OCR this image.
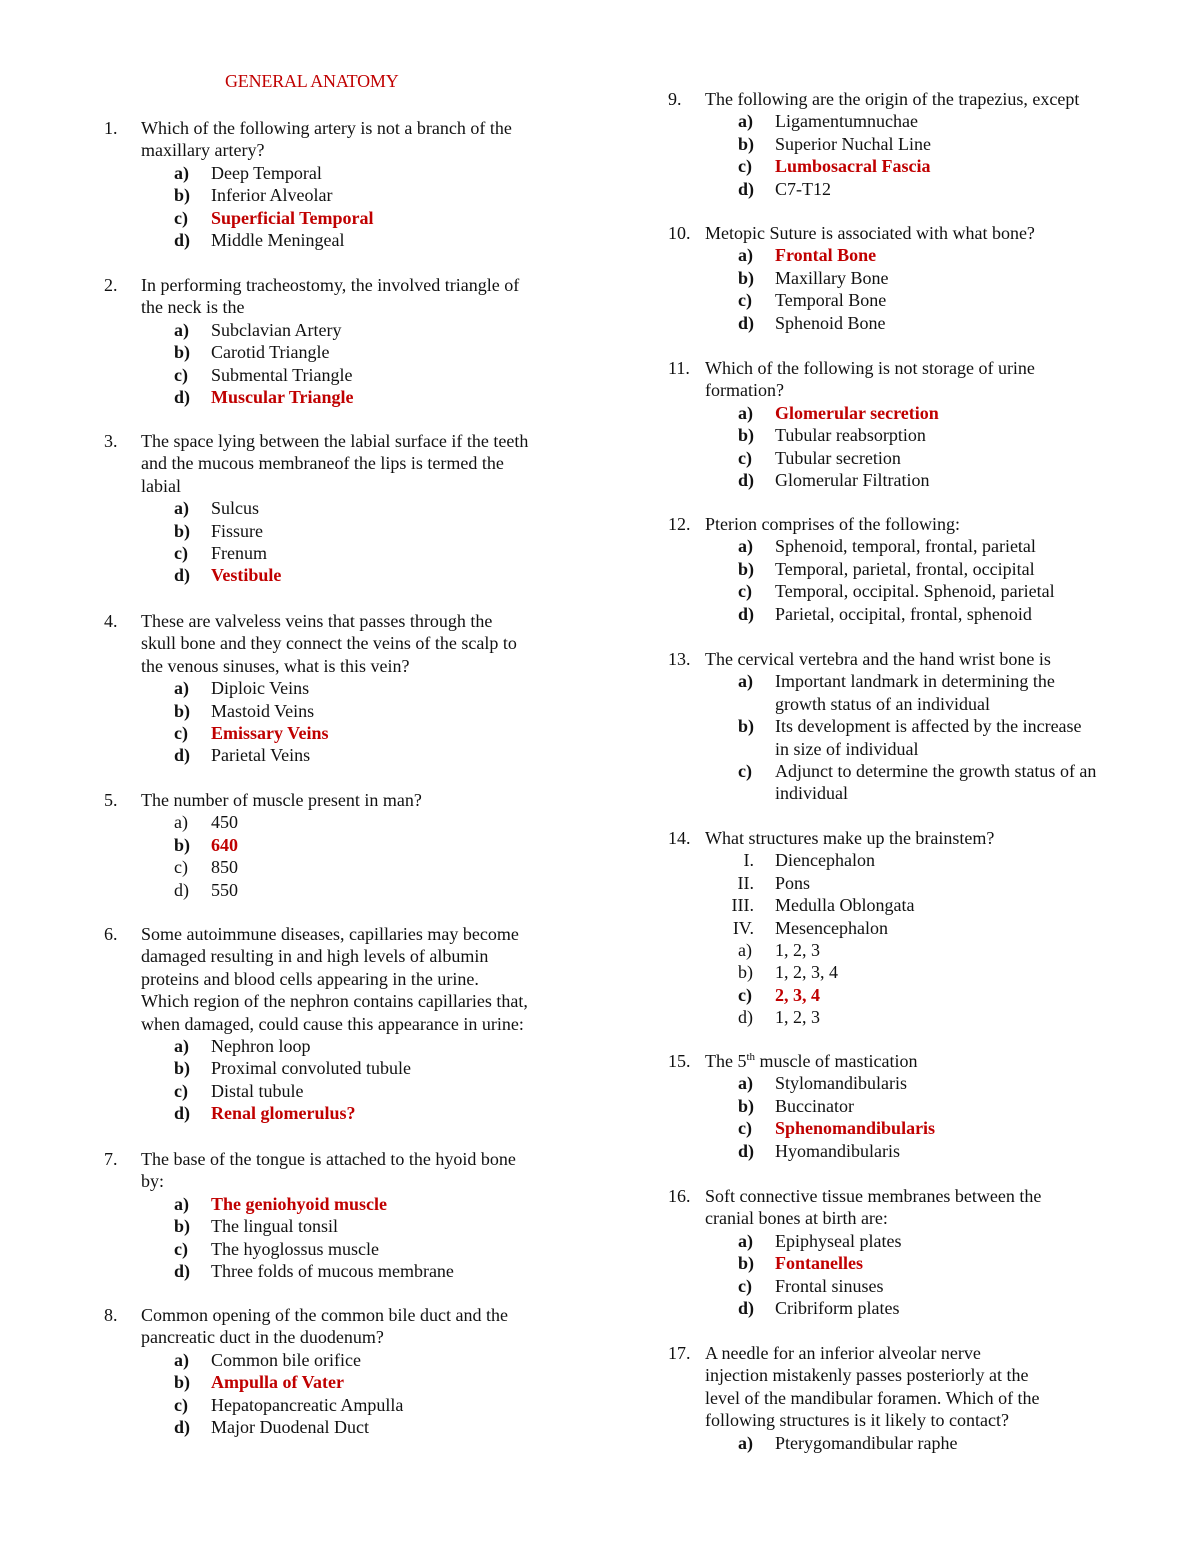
GENERAL ANATOMY
1. Which of the following artery is not a branch of the
maxillary artery?
a) Deep Temporal
b) Inferior Alveolar
c) Superficial Temporal
d) Middle Meningeal
2. In performing tracheostomy, the involved triangle of
the neck is the
a) Subclavian Artery
b) Carotid Triangle
c) Submental Triangle
d) Muscular Triangle
3. The space lying between the labial surface if the teeth
and the mucous membraneof the lips is termed the
labial
a) Sulcus
b) Fissure
c) Frenum
d) Vestibule
4. These are valveless veins that passes through the
skull bone and they connect the veins of the scalp to
the venous sinuses, what is this vein?
a) Diploic Veins
b) Mastoid Veins
c) Emissary Veins
d) Parietal Veins
5. The number of muscle present in man?
a) 450
b) 640
c) 850
d) 550
6. Some autoimmune diseases, capillaries may become
damaged resulting in and high levels of albumin
proteins and blood cells appearing in the urine.
Which region of the nephron contains capillaries that,
when damaged, could cause this appearance in urine:
a) Nephron loop
b) Proximal convoluted tubule
c) Distal tubule
d) Renal glomerulus?
7. The base of the tongue is attached to the hyoid bone
by:
a) The geniohyoid muscle
b) The lingual tonsil
c) The hyoglossus muscle
d) Three folds of mucous membrane
8. Common opening of the common bile duct and the
pancreatic duct in the duodenum?
a) Common bile orifice
b) Ampulla of Vater
c) Hepatopancreatic Ampulla
d) Major Duodenal Duct
9. The following are the origin of the trapezius, except
a) Ligamentumnuchae
b) Superior Nuchal Line
c) Lumbosacral Fascia
d) C7-T12
10. Metopic Suture is associated with what bone?
a) Frontal Bone
b) Maxillary Bone
c) Temporal Bone
d) Sphenoid Bone
11. Which of the following is not storage of urine
formation?
a) Glomerular secretion
b) Tubular reabsorption
c) Tubular secretion
d) Glomerular Filtration
12. Pterion comprises of the following:
a) Sphenoid, temporal, frontal, parietal
b) Temporal, parietal, frontal, occipital
c) Temporal, occipital. Sphenoid, parietal
d) Parietal, occipital, frontal, sphenoid
13. The cervical vertebra and the hand wrist bone is
a) Important landmark in determining the
growth status of an individual
b) Its development is affected by the increase
in size of individual
c) Adjunct to determine the growth status of an
individual
14. What structures make up the brainstem?
I. Diencephalon
II. Pons
III. Medulla Oblongata
IV. Mesencephalon
a) 1, 2, 3
b) 1, 2, 3, 4
c) 2, 3, 4
d) 1, 2, 3
15. The 5th muscle of mastication
a) Stylomandibularis
b) Buccinator
c) Sphenomandibularis
d) Hyomandibularis
16. Soft connective tissue membranes between the
cranial bones at birth are:
a) Epiphyseal plates
b) Fontanelles
c) Frontal sinuses
d) Cribriform plates
17. A needle for an inferior alveolar nerve
injection mistakenly passes posteriorly at the
level of the mandibular foramen. Which of the
following structures is it likely to contact?
a) Pterygomandibular raphe
